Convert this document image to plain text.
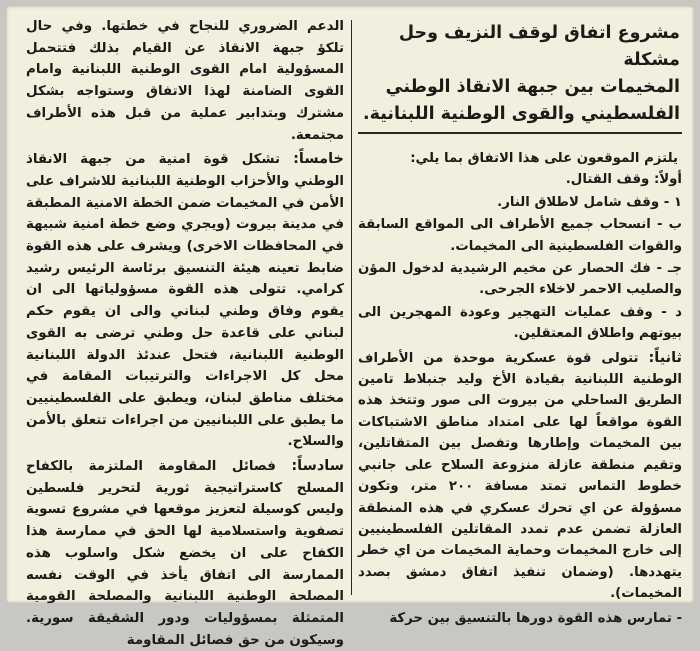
مشروع اتفاق لوقف النزيف وحل مشكلة

المخيمات بين جبهة الانقاذ الوطني

الفلسطيني والقوى الوطنية اللبنانية.

يلتزم الموقعون على هذا الاتفاق بما يلي:

أولاً: وقف القتال.

١ - وقف شامل لاطلاق النار.

ب - انسحاب جميع الأطراف الى المواقع السابقة والقوات الفلسطينية الى المخيمات.

جـ - فك الحصار عن مخيم الرشيدية لدخول المؤن والصليب الاحمر لاخلاء الجرحى.

د - وقف عمليات التهجير وعودة المهجرين الى بيوتهم واطلاق المعتقلين.

ثانياً: تتولى قوة عسكرية موحدة من الأطراف الوطنية اللبنانية بقيادة الأخ وليد جنبلاط تامين الطريق الساحلي من بيروت الى صور وتتخذ هذه القوة مواقعاً لها على امتداد مناطق الاشتباكات بين المخيمات وإطارها وتفصل بين المتقاتلين، وتقيم منطقة عازلة منزوعة السلاح على جانبي خطوط التماس تمتد مسافة ٢٠٠ متر، وتكون مسؤولة عن اي تحرك عسكري في هذه المنطقة العازلة تضمن عدم تمدد المقاتلين الفلسطينيين إلى خارج المخيمات وحماية المخيمات من اي خطر يتهددها. (وضمان تنفيذ اتفاق دمشق بصدد المخيمات).

- تمارس هذه القوة دورها بالتنسيق بين حركة

الدعم الضروري للنجاح في خطتها. وفي حال تلكؤ جبهة الانقاذ عن القيام بذلك فتتحمل المسؤولية امام القوى الوطنية اللبنانية وامام القوى الضامنة لهذا الاتفاق وستواجه بشكل مشترك وبتدابير عملية من قبل هذه الأطراف مجتمعة.

خامساً: تشكل قوة امنية من جبهة الانقاذ الوطني والأحزاب الوطنية اللبنانية للاشراف على الأمن في المخيمات ضمن الخطة الامنية المطبقة في مدينة بيروت (ويجري وضع خطة امنية شبيهة في المحافظات الاخرى) ويشرف على هذه القوة ضابط تعينه هيئة التنسيق برئاسة الرئيس رشيد كرامي. تتولى هذه القوة مسؤولياتها الى ان يقوم وفاق وطني لبناني والى ان يقوم حكم لبناني على قاعدة حل وطني ترضى به القوى الوطنية اللبنانية، فتحل عندئذ الدولة اللبنانية محل كل الاجراءات والترتيبات المقامة في مختلف مناطق لبنان، ويطبق على الفلسطينيين ما يطبق على اللبنانيين من اجراءات تتعلق بالأمن والسلاح.

سادساً: فصائل المقاومة الملتزمة بالكفاح المسلح كاستراتيجية ثورية لتحرير فلسطين وليس كوسيلة لتعزيز موقعها في مشروع تسوية تصفوية واستسلامية لها الحق في ممارسة هذا الكفاح على ان يخضع شكل واسلوب هذه الممارسة الى اتفاق يأخذ في الوقت نفسه المصلحة الوطنية اللبنانية والمصلحة القومية المتمثلة بمسؤوليات ودور الشقيقة سورية. وسيكون من حق فصائل المقاومة
